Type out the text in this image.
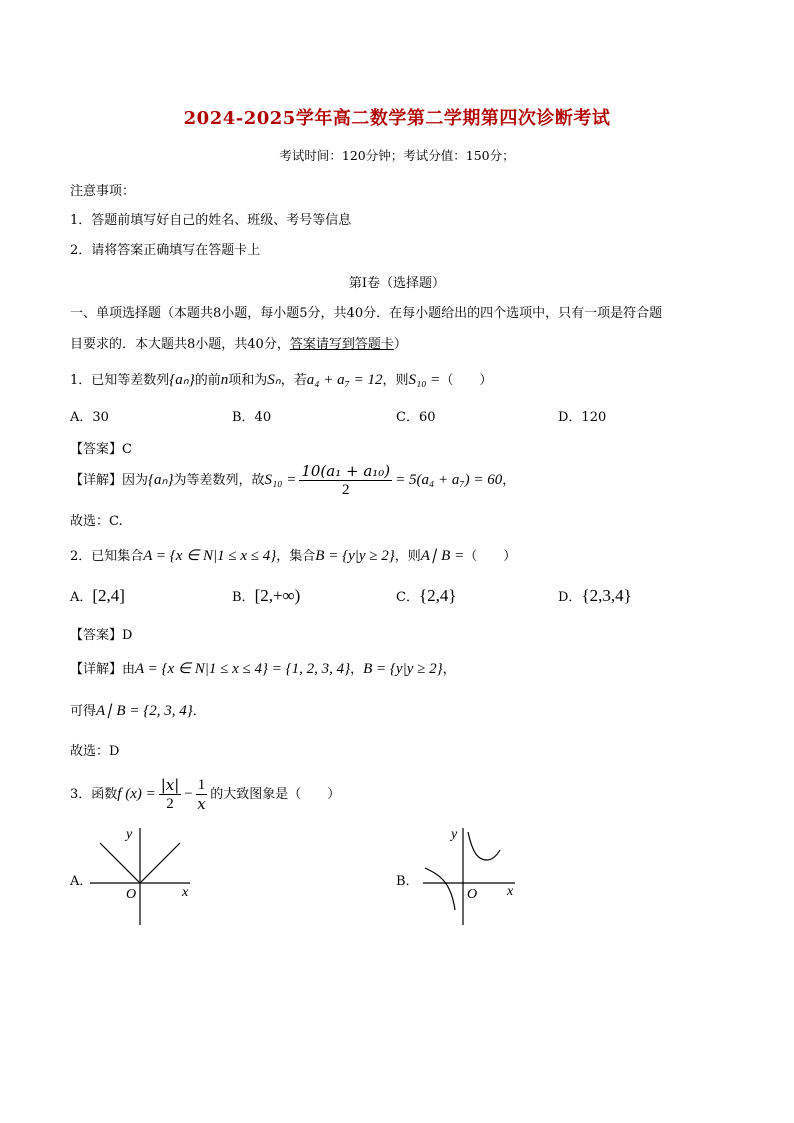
2024-2025学年高二数学第二学期第四次诊断考试
考试时间：120分钟；考试分值：150分；
注意事项：
1．答题前填写好自己的姓名、班级、考号等信息
2．请将答案正确填写在答题卡上
第I卷（选择题）
一、单项选择题（本题共8小题，每小题5分，共40分．在每小题给出的四个选项中，只有一项是符合题
目要求的．本大题共8小题，共40分，答案请写到答题卡）
1．已知等差数列{aₙ}的前n项和为Sₙ，若a₄ + a₇ = 12，则S₁₀ =（　　）
A．30	B．40	C．60	D．120
【答案】C
【详解】因为{aₙ}为等差数列，故$S_{10} = \frac{\text{10(a₁ + a₁₀)}}{2} = 5(a_4 + a_7) = 60$，
故选：C.
2．已知集合A = {x ∈ N|1 ≤ x ≤ 4}，集合B = {y|y ≥ 2}，则A∣ B =（　　）
A．[2,4]	B．[2,+∞)	C．{2,4}	D．{2,3,4}
【答案】D
【详解】由A = {x ∈ N|1 ≤ x ≤ 4} = {1, 2, 3, 4}，B = {y|y ≥ 2}，
可得A∣ B = {2, 3, 4}．
故选：D
3．函数f $(x) = \frac{|x|}{2} - \frac{1}{x}$ 的大致图象是（　　）
A．
y
x
O
B．
y
x
O
